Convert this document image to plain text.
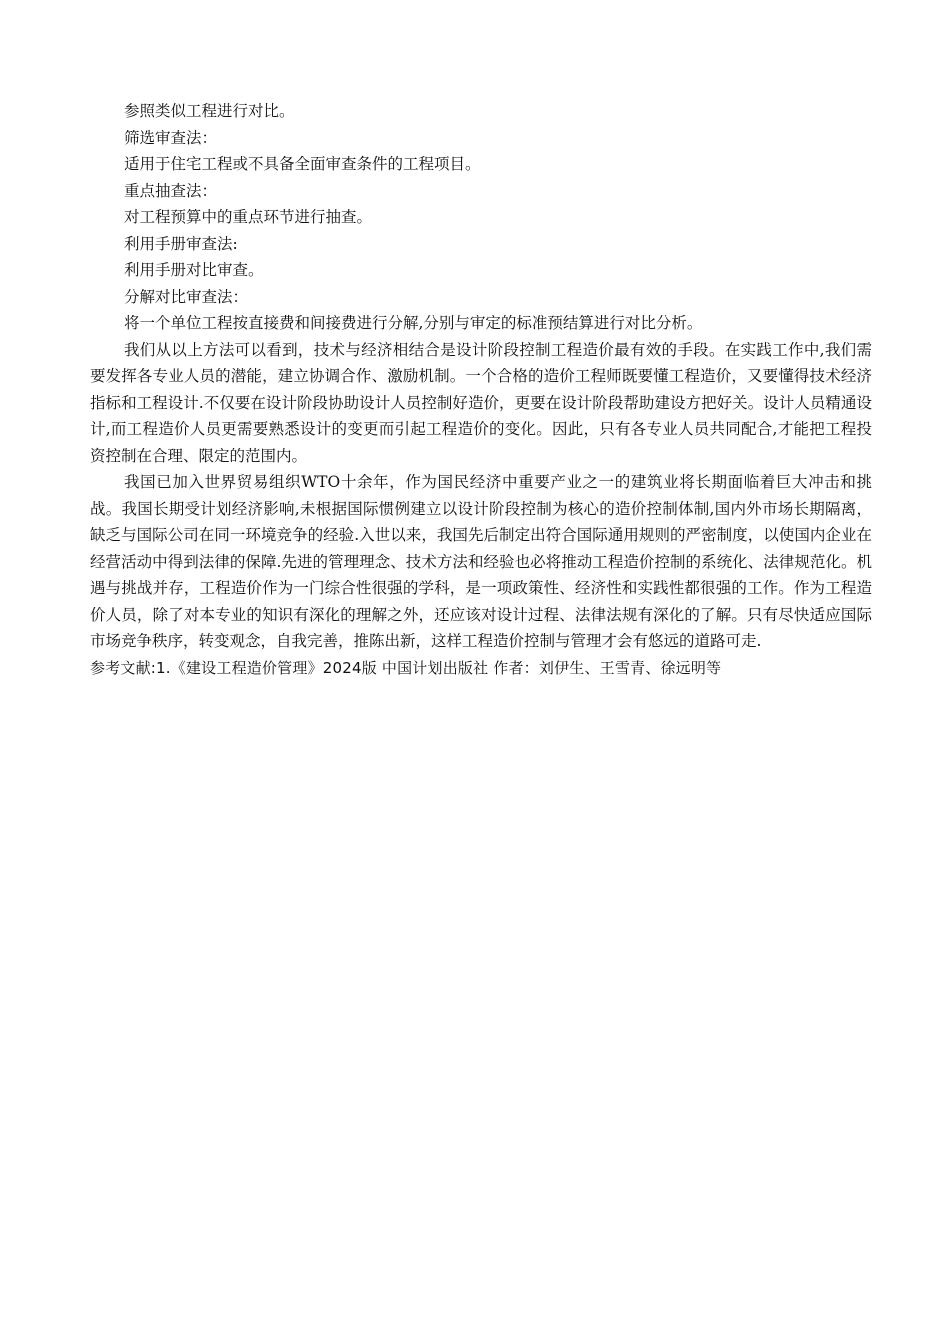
参照类似工程进行对比。
筛选审查法：
适用于住宅工程或不具备全面审查条件的工程项目。
重点抽查法：
对工程预算中的重点环节进行抽查。
利用手册审查法:
利用手册对比审查。
分解对比审查法：
将一个单位工程按直接费和间接费进行分解,分别与审定的标准预结算进行对比分析。

我们从以上方法可以看到，技术与经济相结合是设计阶段控制工程造价最有效的手段。在实践工作中,我们需要发挥各专业人员的潜能，建立协调合作、激励机制。一个合格的造价工程师既要懂工程造价，又要懂得技术经济指标和工程设计.不仅要在设计阶段协助设计人员控制好造价，更要在设计阶段帮助建设方把好关。设计人员精通设计,而工程造价人员更需要熟悉设计的变更而引起工程造价的变化。因此，只有各专业人员共同配合,才能把工程投资控制在合理、限定的范围内。

我国已加入世界贸易组织WTO十余年，作为国民经济中重要产业之一的建筑业将长期面临着巨大冲击和挑战。我国长期受计划经济影响,未根据国际惯例建立以设计阶段控制为核心的造价控制体制,国内外市场长期隔离，缺乏与国际公司在同一环境竞争的经验.入世以来，我国先后制定出符合国际通用规则的严密制度，以使国内企业在经营活动中得到法律的保障.先进的管理理念、技术方法和经验也必将推动工程造价控制的系统化、法律规范化。机遇与挑战并存，工程造价作为一门综合性很强的学科，是一项政策性、经济性和实践性都很强的工作。作为工程造价人员，除了对本专业的知识有深化的理解之外，还应该对设计过程、法律法规有深化的了解。只有尽快适应国际市场竞争秩序，转变观念，自我完善，推陈出新，这样工程造价控制与管理才会有悠远的道路可走.

参考文献:1.《建设工程造价管理》2024版 中国计划出版社 作者：刘伊生、王雪青、徐远明等
